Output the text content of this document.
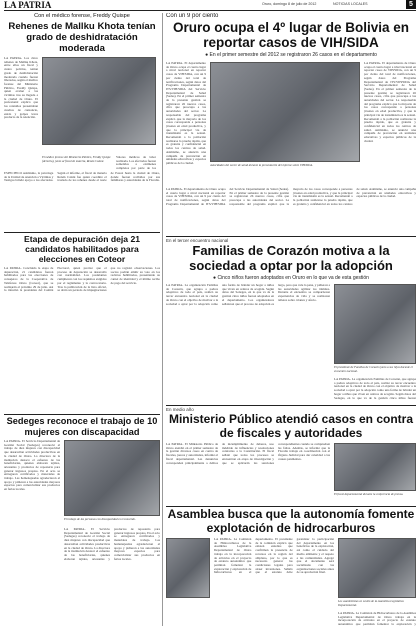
LA PATRIA	Oruro, domingo 8 de julio de 2012	NOTICIAS LOCALES	5
Con el médico forense, Freddy Quispe
Rehenes de Mallku Khota tenían grado de deshidratación moderada
LA PATRIA- Los cinco rehenes de Mallku Khota, entre ellos un fiscal y cuatro policías, tenían grado de deshidratación moderada cuando fueron liberados, según el médico forense del Ministerio Público, Freddy Quispe, quien evaluó a las víctimas tras su llegada a la ciudad de Oruro. El profesional explicó que los retenidos presentaban cuadros de cansancio, estrés y golpes leves producto de la retención.
El médico forense del Ministerio Público, Freddy Quispe (derecha), junto al fiscal de materia, Renán Calani.
Valores médicos de labor realizada. Los afectados fueron sometidos a exámenes completos por parte de los
ESPECIFICO Asimismo, la psicóloga de la Unidad de Atención a Víctimas y Testigos brindó apoyo a los afectados. Según el informe, el fiscal de materia Renán Calani fue quien coordinó el traslado de los rehenes desde el norte de Potosí hasta la ciudad de Oruro, donde fueron recibidos por sus familiares y autoridades de la Fiscalía.
Etapa de depuración deja 21 candidatos habilitados para elecciones en Coteor
LA PATRIA- Concluida la etapa de depuración, 21 candidatos fueron habilitados para las elecciones de consejeros de la Cooperativa de Teléfonos Oruro (Coteor), que se realizarán el próximo 29 de julio. Así lo informó la presidenta del Comité Electoral, quien precisó que el proceso de depuración se desarrolló con normalidad. Los postulantes cumplieron con los requisitos exigidos por el reglamento y la convocatoria. Tras la publicación de la lista oficial, se abrió un periodo de impugnaciones que no registró observaciones. Los socios podrán emitir su voto en los recintos habilitados, presentando su carnet de identidad y el último recibo de pago del servicio.
Sedeges reconoce el trabajo de 10 mujeres con discapacidad
LA PATRIA- El Servicio Departamental de Gestión Social (Sedeges) reconoció el trabajo de diez mujeres con discapacidad que desarrollan actividades productivas en la ciudad de Oruro. La directora de la institución destacó el esfuerzo de las beneficiarias, quienes elaboran tejidos, artesanías y productos de repostería para generar ingresos propios. En el acto se entregaron certificados y materiales de trabajo. Las homenajeadas agradecieron el apoyo y pidieron a las autoridades mayores espacios para comercializar sus productos en ferias locales.
El trabajo de las personas con discapacidad es reconocido.
LA PATRIA- El Servicio Departamental de Gestión Social (Sedeges) reconoció el trabajo de diez mujeres con discapacidad que desarrollan actividades productivas en la ciudad de Oruro. La directora de la institución destacó el esfuerzo de las beneficiarias, quienes elaboran tejidos, artesanías y productos de repostería para generar ingresos propios. En el acto se entregaron certificados y materiales de trabajo. Las homenajeadas agradecieron el apoyo y pidieron a las autoridades mayores espacios para comercializar sus productos en ferias locales.
Con un 9 por ciento
Oruro ocupa el 4º lugar de Bolivia en reportar casos de VIH/SIDA
● En el primer semestre del 2012 se registraron 26 casos en el departamento
LA PATRIA- El departamento de Oruro ocupa el cuarto lugar a nivel nacional en reportar casos de VIH/SIDA, con un 9 por ciento del total de notificaciones, según datos del Programa Departamental de ITS/VIH/SIDA del Servicio Departamental de Salud (Sedes). En el primer semestre de la presente gestión se registraron 26 nuevos casos, cifra que preocupa a las autoridades del sector. La responsable del programa explicó que la mayoría de los casos corresponde a personas jóvenes en edad productiva, y que la principal vía de transmisión es la sexual. Recomendó a la población realizarse la prueba rápida, que es gratuita y confidencial en todos los centros de salud. Asimismo, se anunció una campaña de prevención en unidades educativas y espacios públicos de la ciudad.
Autoridades del sector de salud durante la presentación del informe sobre VIH/SIDA.
LA PATRIA- El departamento de Oruro ocupa el cuarto lugar a nivel nacional en reportar casos de VIH/SIDA, con un 9 por ciento del total de notificaciones, según datos del Programa Departamental de ITS/VIH/SIDA del Servicio Departamental de Salud (Sedes). En el primer semestre de la presente gestión se registraron 26 nuevos casos, cifra que preocupa a las autoridades del sector. La responsable del programa explicó que la mayoría de los casos corresponde a personas jóvenes en edad productiva, y que la principal vía de transmisión es la sexual. Recomendó a la población realizarse la prueba rápida, que es gratuita y confidencial en todos los centros de salud. Asimismo, se anunció una campaña de prevención en unidades educativas y espacios públicos de la ciudad.
LA PATRIA- El departamento de Oruro ocupa el cuarto lugar a nivel nacional en reportar casos de VIH/SIDA, con un 9 por ciento del total de notificaciones, según datos del Programa Departamental de ITS/VIH/SIDA del Servicio Departamental de Salud (Sedes). En el primer semestre de la presente gestión se registraron 26 nuevos casos, cifra que preocupa a las autoridades del sector. La responsable del programa explicó que la mayoría de los casos corresponde a personas jóvenes en edad productiva, y que la principal vía de transmisión es la sexual. Recomendó a la población realizarse la prueba rápida, que es gratuita y confidencial en todos los centros de salud. Asimismo, se anunció una campaña de prevención en unidades educativas y espacios públicos de la ciudad.
En el tercer encuentro nacional
Familias de Corazón motiva a la sociedad a optar por la adopción
● Cinco niños fueron adoptados en Oruro en lo que va de esta gestión
LA PATRIA- La organización Familias de Corazón, que agrupa a padres adoptivos de todo el país, realizó su tercer encuentro nacional en la ciudad de Oruro con el objetivo de motivar a la sociedad a optar por la adopción como una forma de brindar un hogar a niños que viven en centros de acogida. Según datos del Sedeges, en lo que va de la gestión cinco niños fueron adoptados en el departamento. Los organizadores señalaron que el proceso de adopción es largo, pero que vale la pena, y pidieron a las autoridades agilizar los trámites. Durante el encuentro se compartieron experiencias de vida y se realizaron talleres sobre crianza y afecto.
El presidente de Familias de Corazón junto a sus hijos durante el encuentro nacional.
LA PATRIA- La organización Familias de Corazón, que agrupa a padres adoptivos de todo el país, realizó su tercer encuentro nacional en la ciudad de Oruro con el objetivo de motivar a la sociedad a optar por la adopción como una forma de brindar un hogar a niños que viven en centros de acogida. Según datos del Sedeges, en lo que va de la gestión cinco niños fueron
En medio año
Ministerio Público atendió casos en contra de fiscales y autoridades
LA PATRIA- El Ministerio Público de Oruro atendió en el primer semestre de la gestión diversos casos en contra de fiscales, jueces y autoridades, informó el fiscal departamental. Las denuncias corresponden principalmente a delitos de incumplimiento de deberes, uso indebido de influencias y resoluciones contrarias a la Constitución. El fiscal señaló que todos los procesos se encuentran en etapa de investigación y que se aplicarán las sanciones correspondientes cuando se comprueben las faltas. Además, se informó que la Fiscalía trabaja en coordinación con el Órgano Judicial para dar celeridad a las causas pendientes.
El fiscal departamental durante la conferencia de prensa.
Asamblea busca que la autonomía fomente explotación de hidrocarburos
LA PATRIA- La Comisión de Hidrocarburos de la Asamblea Legislativa Departamental de Oruro trabaja en la incorporación de artículos en el proyecto de estatuto autonómico que permitan fomentar la exploración y explotación de hidrocarburos en el departamento. El presidente de la comisión explicó que existen estudios que confirman la presencia de recursos en la región del altiplano, por lo que es necesario generar las condiciones legales para atraer inversiones. Señaló que el estatuto debe garantizar la participación del departamento en los beneficios de la explotación, así como el cuidado del medio ambiente y el respeto a las comunidades. Agregó que el documento será socializado con las organizaciones sociales antes de su aprobación final.
Los asambleístas en sesión de la Asamblea Legislativa Departamental.
LA PATRIA- La Comisión de Hidrocarburos de la Asamblea Legislativa Departamental de Oruro trabaja en la incorporación de artículos en el proyecto de estatuto autonómico que permitan fomentar la exploración y
